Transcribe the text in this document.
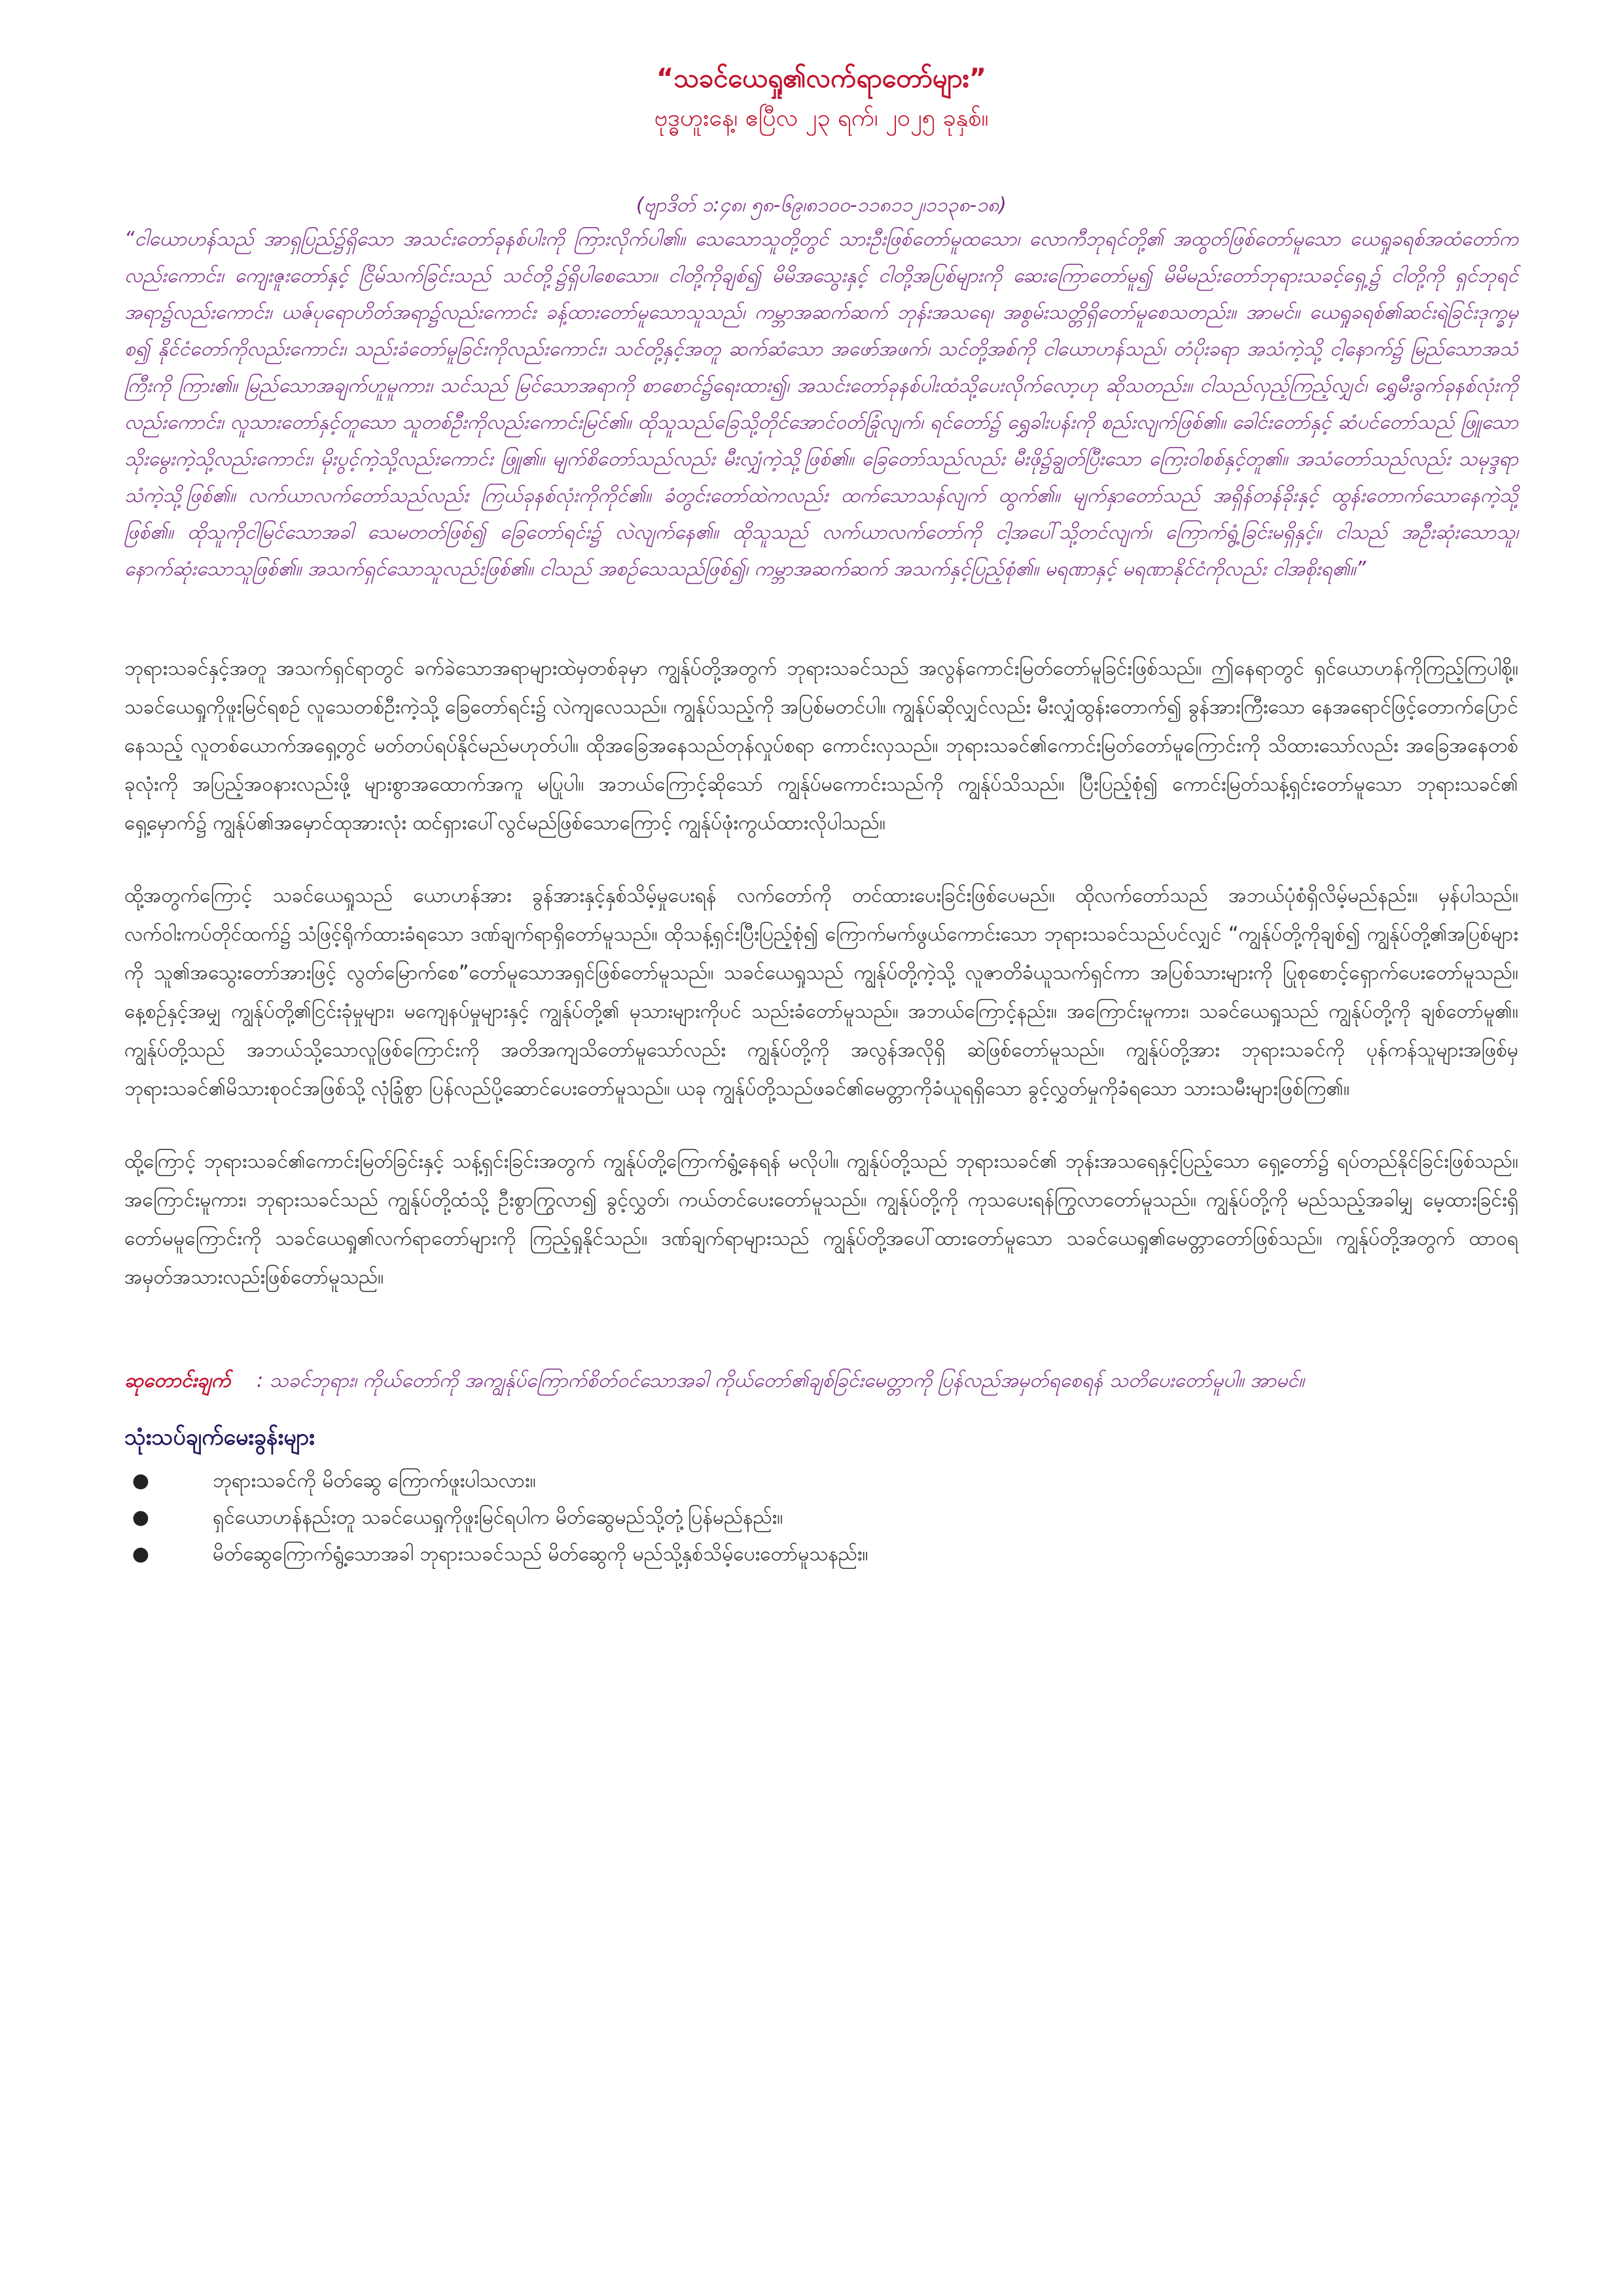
“သခင်ယေရှု၏လက်ရာတော်များ”

ဗုဒ္ဓဟူးနေ့၊ ဧပြီလ ၂၃ ရက်၊ ၂၀၂၅ ခုနှစ်။

(ဗျာဒိတ် ၁:၄၈၊ ၅၈-၆၉၊၈၁၀၀-၁၁၈၁၁၂၊၁၁၃၈-၁၈)

“ငါယောဟန်သည် အာရှပြည်၌ရှိသော အသင်းတော်ခုနစ်ပါးကို ကြားလိုက်ပါ၏။ သေသောသူတို့တွင် သားဦးဖြစ်တော်မူထသော၊ လောကီဘုရင်တို့၏ အထွတ်ဖြစ်တော်မူသော ယေရှုခရစ်အထံတော်ကလည်းကောင်း၊ ကျေးဇူးတော်နှင့် ငြိမ်သက်ခြင်းသည် သင်တို့၌ရှိပါစေသော။ ငါတို့ကိုချစ်၍ မိမိအသွေးနှင့် ငါတို့အပြစ်များကို ဆေးကြောတော်မူ၍ မိမိမည်းတော်ဘုရားသခင့်ရှေ့၌ ငါတို့ကို ရှင်ဘုရင်အရာ၌လည်းကောင်း၊ ယဇ်ပုရောဟိတ်အရာ၌လည်းကောင်း ခန့်ထားတော်မူသောသူသည်၊ ကမ္ဘာအဆက်ဆက် ဘုန်းအသရေ၊ အစွမ်းသတ္တိရှိတော်မူစေသတည်း။ အာမင်။ ယေရှုခရစ်၏ဆင်းရဲခြင်းဒုက္ခမှစ၍ နိုင်ငံတော်ကိုလည်းကောင်း၊ သည်းခံတော်မူခြင်းကိုလည်းကောင်း၊ သင်တို့နှင့်အတူ ဆက်ဆံသော အဖော်အဖက်၊ သင်တို့အစ်ကို ငါယောဟန်သည်၊ တံပိုးခရာ အသံကဲ့သို့ ငါ့နောက်၌ မြည်သောအသံကြီးကို ကြား၏။ မြည်သောအချက်ဟူမူကား၊ သင်သည် မြင်သောအရာကို စာစောင်၌ရေးထား၍၊ အသင်းတော်ခုနစ်ပါးထံသို့ပေးလိုက်လော့ဟု ဆိုသတည်း။ ငါသည်လှည့်ကြည့်လျှင်၊ ရွှေမီးခွက်ခုနစ်လုံးကိုလည်းကောင်း၊ လူသားတော်နှင့်တူသော သူတစ်ဦးကိုလည်းကောင်းမြင်၏။ ထိုသူသည်ခြေသို့တိုင်အောင်ဝတ်ခြုံလျက်၊ ရင်တော်၌ ရွှေခါးပန်းကို စည်းလျက်ဖြစ်၏။ ခေါင်းတော်နှင့် ဆံပင်တော်သည် ဖြူသော သိုးမွေးကဲ့သို့လည်းကောင်း၊ မိုးပွင့်ကဲ့သို့လည်းကောင်း ဖြူ၏။ မျက်စိတော်သည်လည်း မီးလျှံကဲ့သို့ဖြစ်၏။ ခြေတော်သည်လည်း မီးဖို၌ချွတ်ပြီးသော ကြေးဝါစစ်နှင့်တူ၏။ အသံတော်သည်လည်း သမုဒ္ဒရာသံကဲ့သို့ဖြစ်၏။ လက်ယာလက်တော်သည်လည်း ကြယ်ခုနစ်လုံးကိုကိုင်၏။ ခံတွင်းတော်ထဲကလည်း ထက်သောသန်လျက် ထွက်၏။ မျက်နှာတော်သည် အရှိန်တန်ခိုးနှင့် ထွန်းတောက်သောနေကဲ့သို့ဖြစ်၏။ ထိုသူကိုငါမြင်သောအခါ သေမတတ်ဖြစ်၍ ခြေတော်ရင်း၌ လဲလျက်နေ၏။ ထိုသူသည် လက်ယာလက်တော်ကို ငါ့အပေါ်သို့တင်လျက်၊ ကြောက်ရွံ့ခြင်းမရှိနှင့်။ ငါသည် အဦးဆုံးသောသူ၊ နောက်ဆုံးသောသူဖြစ်၏။ အသက်ရှင်သောသူလည်းဖြစ်၏။ ငါသည် အစဉ်သေသည်ဖြစ်၍၊ ကမ္ဘာအဆက်ဆက် အသက်နှင့်ပြည့်စုံ၏။ မရဏာနှင့် မရဏာနိုင်ငံကိုလည်း ငါအစိုးရ၏။”

ဘုရားသခင်နှင့်အတူ အသက်ရှင်ရာတွင် ခက်ခဲသောအရာများထဲမှတစ်ခုမှာ ကျွန်ုပ်တို့အတွက် ဘုရားသခင်သည် အလွန်ကောင်းမြတ်တော်မူခြင်းဖြစ်သည်။ ဤနေရာတွင် ရှင်ယောဟန်ကိုကြည့်ကြပါစို့။ သခင်ယေရှုကိုဖူးမြင်ရစဉ် လူသေတစ်ဦးကဲ့သို့ ခြေတော်ရင်း၌ လဲကျလေသည်။ ကျွန်ုပ်သည့်ကို အပြစ်မတင်ပါ။ ကျွန်ုပ်ဆိုလျှင်လည်း မီးလျှံထွန်းတောက်၍ ခွန်အားကြီးသော နေအရောင်ဖြင့်တောက်ပြောင်နေသည့် လူတစ်ယောက်အရှေ့တွင် မတ်တပ်ရပ်နိုင်မည်မဟုတ်ပါ။ ထိုအခြေအနေသည်တုန်လှုပ်စရာ ကောင်းလှသည်။ ဘုရားသခင်၏ကောင်းမြတ်တော်မူကြောင်းကို သိထားသော်လည်း အခြေအနေတစ်ခုလုံးကို အပြည့်အဝနားလည်းဖို့ များစွာအထောက်အကူ မပြုပါ။ အဘယ်ကြောင့်ဆိုသော် ကျွန်ုပ်မကောင်းသည်ကို ကျွန်ုပ်သိသည်။ ပြီးပြည့်စုံ၍ ကောင်းမြတ်သန့်ရှင်းတော်မူသော ဘုရားသခင်၏ ရှေ့မှောက်၌ ကျွန်ုပ်၏အမှောင်ထုအားလုံး ထင်ရှားပေါ်လွင်မည်ဖြစ်သောကြောင့် ကျွန်ုပ်ဖုံးကွယ်ထားလိုပါသည်။

ထို့အတွက်ကြောင့် သခင်ယေရှုသည် ယောဟန်အား ခွန်အားနှင့်နှစ်သိမ့်မှုပေးရန် လက်တော်ကို တင်ထားပေးခြင်းဖြစ်ပေမည်။ ထိုလက်တော်သည် အဘယ်ပုံစံရှိလိမ့်မည်နည်း။ မှန်ပါသည်။ လက်ဝါးကပ်တိုင်ထက်၌ သံဖြင့်ရိုက်ထားခံရသော ဒဏ်ချက်ရာရှိတော်မူသည်။ ထိုသန့်ရှင်းပြီးပြည့်စုံ၍ ကြောက်မက်ဖွယ်ကောင်းသော ဘုရားသခင်သည်ပင်လျှင် “ကျွန်ုပ်တို့ကိုချစ်၍ ကျွန်ုပ်တို့၏အပြစ်များကို သူ၏အသွေးတော်အားဖြင့် လွတ်မြောက်စေ”တော်မူသောအရှင်ဖြစ်တော်မူသည်။ သခင်ယေရှုသည် ကျွန်ုပ်တို့ကဲ့သို့ လူဇာတိခံယူသက်ရှင်ကာ အပြစ်သားများကို ပြုစုစောင့်ရှောက်ပေးတော်မူသည်။ နေ့စဉ်နှင့်အမျှ ကျွန်ုပ်တို့၏ငြင်းခုံမှုများ၊ မကျေနပ်မှုများနှင့် ကျွန်ုပ်တို့၏ မုသားများကိုပင် သည်းခံတော်မူသည်။ အဘယ်ကြောင့်နည်း။ အကြောင်းမူကား၊ သခင်ယေရှုသည် ကျွန်ုပ်တို့ကို ချစ်တော်မူ၏။ ကျွန်ုပ်တို့သည် အဘယ်သို့သောလူဖြစ်ကြောင်းကို အတိအကျသိတော်မူသော်လည်း ကျွန်ုပ်တို့ကို အလွန်အလိုရှိ ဆဲဖြစ်တော်မူသည်။ ကျွန်ုပ်တို့အား ဘုရားသခင်ကို ပုန်ကန်သူများအဖြစ်မှ ဘုရားသခင်၏မိသားစုဝင်အဖြစ်သို့ လုံခြုံစွာ ပြန်လည်ပို့ဆောင်ပေးတော်မူသည်။ ယခု ကျွန်ုပ်တို့သည်ဖခင်၏မေတ္တာကိုခံယူရရှိသော ခွင့်လွှတ်မှုကိုခံရသော သားသမီးများဖြစ်ကြ၏။

ထို့ကြောင့် ဘုရားသခင်၏ကောင်းမြတ်ခြင်းနှင့် သန့်ရှင်းခြင်းအတွက် ကျွန်ုပ်တို့ကြောက်ရွံ့နေရန် မလိုပါ။ ကျွန်ုပ်တို့သည် ဘုရားသခင်၏ ဘုန်းအသရေနှင့်ပြည့်သော ရှေ့တော်၌ ရပ်တည်နိုင်ခြင်းဖြစ်သည်။ အကြောင်းမူကား၊ ဘုရားသခင်သည် ကျွန်ုပ်တို့ထံသို့ ဦးစွာကြွလာ၍ ခွင့်လွှတ်၊ ကယ်တင်ပေးတော်မူသည်။ ကျွန်ုပ်တို့ကို ကုသပေးရန်ကြွလာတော်မူသည်။ ကျွန်ုပ်တို့ကို မည်သည့်အခါမျှ မေ့ထားခြင်းရှိတော်မမူကြောင်းကို သခင်ယေရှု၏လက်ရာတော်များကို ကြည့်ရှုနိုင်သည်။ ဒဏ်ချက်ရာများသည် ကျွန်ုပ်တို့အပေါ်ထားတော်မူသော သခင်ယေရှု၏မေတ္တာတော်ဖြစ်သည်။ ကျွန်ုပ်တို့အတွက် ထာဝရအမှတ်အသားလည်းဖြစ်တော်မူသည်။

ဆုတောင်းချက် : သခင်ဘုရား၊ ကိုယ်တော်ကို အကျွန်ုပ်ကြောက်စိတ်ဝင်သောအခါ ကိုယ်တော်၏ချစ်ခြင်းမေတ္တာကို ပြန်လည်အမှတ်ရစေရန် သတိပေးတော်မူပါ။ အာမင်။

သုံးသပ်ချက်မေးခွန်းများ
●	ဘုရားသခင်ကို မိတ်ဆွေ ကြောက်ဖူးပါသလား။
●	ရှင်ယောဟန်နည်းတူ သခင်ယေရှုကိုဖူးမြင်ရပါက မိတ်ဆွေမည်သို့တုံ့ပြန်မည်နည်း။
●	မိတ်ဆွေကြောက်ရွံ့သောအခါ ဘုရားသခင်သည် မိတ်ဆွေကို မည်သို့နှစ်သိမ့်ပေးတော်မူသနည်း။
